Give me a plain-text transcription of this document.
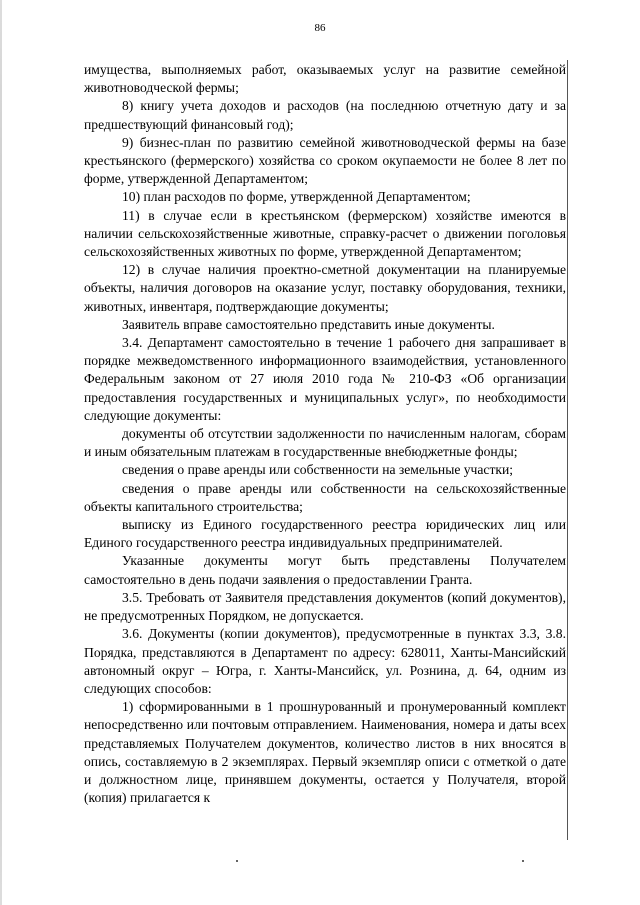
86

имущества, выполняемых работ, оказываемых услуг на развитие семейной животноводческой фермы;

8) книгу учета доходов и расходов (на последнюю отчетную дату и за предшествующий финансовый год);

9) бизнес-план по развитию семейной животноводческой фермы на базе крестьянского (фермерского) хозяйства со сроком окупаемости не более 8 лет по форме, утвержденной Департаментом;

10) план расходов по форме, утвержденной Департаментом;

11) в случае если в крестьянском (фермерском) хозяйстве имеются в наличии сельскохозяйственные животные, справку-расчет о движении поголовья сельскохозяйственных животных по форме, утвержденной Департаментом;

12) в случае наличия проектно-сметной документации на планируемые объекты, наличия договоров на оказание услуг, поставку оборудования, техники, животных, инвентаря, подтверждающие документы;

Заявитель вправе самостоятельно представить иные документы.

3.4. Департамент самостоятельно в течение 1 рабочего дня запрашивает в порядке межведомственного информационного взаимодействия, установленного Федеральным законом от 27 июля 2010 года № 210-ФЗ «Об организации предоставления государственных и муниципальных услуг», по необходимости следующие документы:

документы об отсутствии задолженности по начисленным налогам, сборам и иным обязательным платежам в государственные внебюджетные фонды;

сведения о праве аренды или собственности на земельные участки;

сведения о праве аренды или собственности на сельскохозяйственные объекты капитального строительства;

выписку из Единого государственного реестра юридических лиц или Единого государственного реестра индивидуальных предпринимателей.

Указанные документы могут быть представлены Получателем самостоятельно в день подачи заявления о предоставлении Гранта.

3.5. Требовать от Заявителя представления документов (копий документов), не предусмотренных Порядком, не допускается.

3.6. Документы (копии документов), предусмотренные в пунктах 3.3, 3.8. Порядка, представляются в Департамент по адресу: 628011, Ханты-Мансийский автономный округ – Югра, г. Ханты-Мансийск, ул. Рознина, д. 64, одним из следующих способов:

1) сформированными в 1 прошнурованный и пронумерованный комплект непосредственно или почтовым отправлением. Наименования, номера и даты всех представляемых Получателем документов, количество листов в них вносятся в опись, составляемую в 2 экземплярах. Первый экземпляр описи с отметкой о дате и должностном лице, принявшем документы, остается у Получателя, второй (копия) прилагается к
